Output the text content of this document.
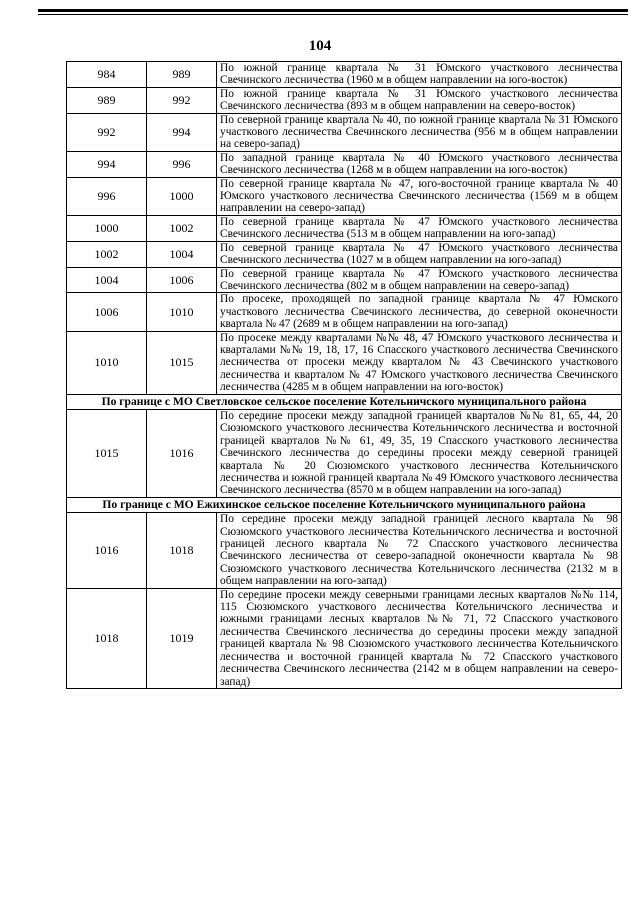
104
984	989	По южной границе квартала № 31 Юмского участкового лесничества Свечинского лесничества (1960 м в общем направлении на юго-восток)
989	992	По южной границе квартала № 31 Юмского участкового лесничества Свечинского лесничества (893 м в общем направлении на северо-восток)
992	994	По северной границе квартала № 40, по южной границе квартала № 31 Юмского участкового лесничества Свечинского лесничества (956 м в общем направлении на северо-запад)
994	996	По западной границе квартала № 40 Юмского участкового лесничества Свечинского лесничества (1268 м в общем направлении на юго-восток)
996	1000	По северной границе квартала № 47, юго-восточной границе квартала № 40 Юмского участкового лесничества Свечинского лесничества (1569 м в общем направлении на северо-запад)
1000	1002	По северной границе квартала № 47 Юмского участкового лесничества Свечинского лесничества (513 м в общем направлении на юго-запад)
1002	1004	По северной границе квартала № 47 Юмского участкового лесничества Свечинского лесничества (1027 м в общем направлении на юго-запад)
1004	1006	По северной границе квартала № 47 Юмского участкового лесничества Свечинского лесничества (802 м в общем направлении на северо-запад)
1006	1010	По просеке, проходящей по западной границе квартала № 47 Юмского участкового лесничества Свечинского лесничества, до северной оконечности квартала № 47 (2689 м в общем направлении на юго-запад)
1010	1015	По просеке между кварталами №№ 48, 47 Юмского участкового лесничества и кварталами №№ 19, 18, 17, 16 Спасского участкового лесничества Свечинского лесничества от просеки между кварталом № 43 Свечинского участкового лесничества и кварталом № 47 Юмского участкового лесничества Свечинского лесничества (4285 м в общем направлении на юго-восток)
По границе с МО Светловское сельское поселение Котельничского муниципального района		
1015	1016	По середине просеки между западной границей кварталов №№ 81, 65, 44, 20 Сюзюмского участкового лесничества Котельничского лесничества и восточной границей кварталов №№ 61, 49, 35, 19 Спасского участкового лесничества Свечинского лесничества до середины просеки между северной границей квартала № 20 Сюзюмского участкового лесничества Котельничского лесничества и южной границей квартала № 49 Юмского участкового лесничества Свечинского лесничества (8570 м в общем направлении на юго-запад)
По границе с МО Ежихинское сельское поселение Котельничского муниципального района		
1016	1018	По середине просеки между западной границей лесного квартала № 98 Сюзюмского участкового лесничества Котельничского лесничества и восточной границей лесного квартала № 72 Спасского участкового лесничества Свечинского лесничества от северо-западной оконечности квартала № 98 Сюзюмского участкового лесничества Котельничского лесничества (2132 м в общем направлении на юго-запад)
1018	1019	По середине просеки между северными границами лесных кварталов №№ 114, 115 Сюзюмского участкового лесничества Котельничского лесничества и южными границами лесных кварталов №№ 71, 72 Спасского участкового лесничества Свечинского лесничества до середины просеки между западной границей квартала № 98 Сюзюмского участкового лесничества Котельничского лесничества и восточной границей квартала № 72 Спасского участкового лесничества Свечинского лесничества (2142 м в общем направлении на северо-запад)
